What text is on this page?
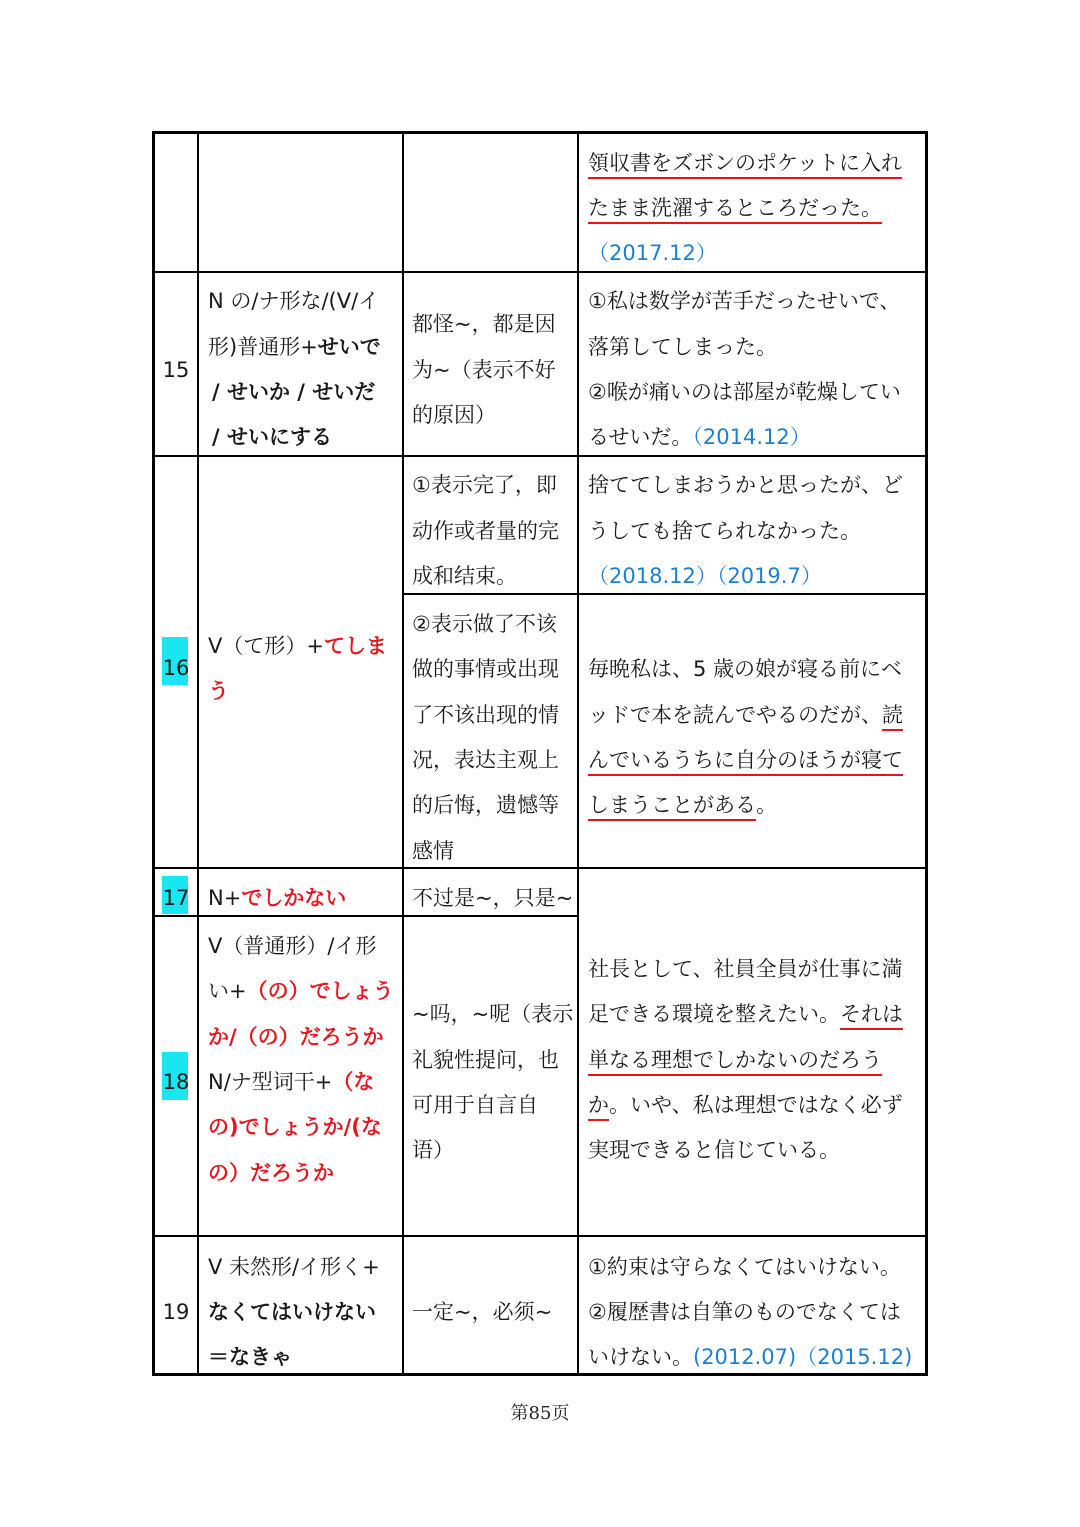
領収書をズボンのポケットに入れ
たまま洗濯するところだった。
（2017.12）
15
N の/ナ形な/(V/イ
形)普通形+せいで
/ せいか / せいだ
/ せいにする
都怪~，都是因
为~（表示不好
的原因）
①私は数学が苦手だったせいで、
落第してしまった。
②喉が痛いのは部屋が乾燥してい
るせいだ。（2014.12）
16
V（て形）+てしま
う
①表示完了，即
动作或者量的完
成和结束。
捨ててしまおうかと思ったが、ど
うしても捨てられなかった。
（2018.12）（2019.7）
②表示做了不该
做的事情或出现
了不该出现的情
况，表达主观上
的后悔，遗憾等
感情
毎晩私は、5 歳の娘が寝る前にベ
ッドで本を読んでやるのだが、読
んでいるうちに自分のほうが寝て
しまうことがある。
17 N+でしかない	不过是~，只是~
18
V（普通形）/イ形
い+（の）でしょう
か/（の）だろうか
N/ナ型词干+（な
の)でしょうか/(な
の）だろうか
~吗，~呢（表示
礼貌性提问，也
可用于自言自
语）
社長として、社員全員が仕事に満
足できる環境を整えたい。それは
単なる理想でしかないのだろう
か。いや、私は理想ではなく必ず
実現できると信じている。
19
V 未然形/イ形く+
なくてはいけない
＝なきゃ
一定~，必须~
①約束は守らなくてはいけない。
②履歴書は自筆のものでなくては
いけない。(2012.07)（2015.12)
第85页
